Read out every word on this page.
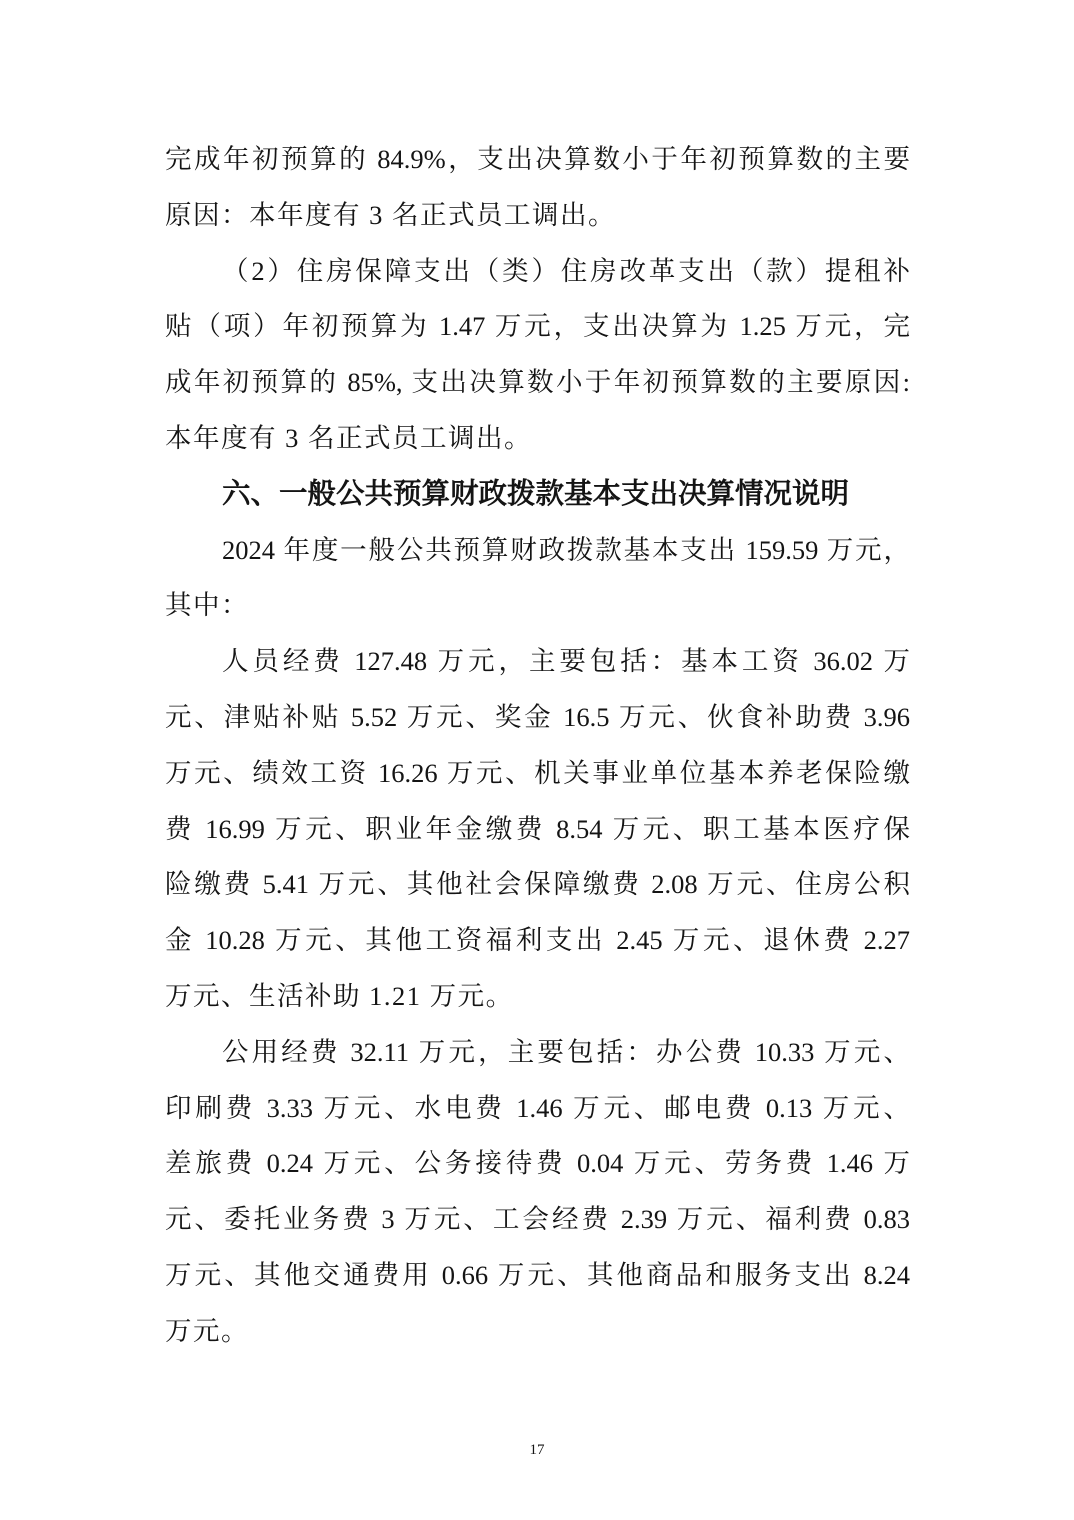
完成年初预算的 84.9%，支出决算数小于年初预算数的主要
原因：本年度有 3 名正式员工调出。
（2）住房保障支出（类）住房改革支出（款）提租补
贴（项）年初预算为 1.47 万元，支出决算为 1.25 万元，完
成年初预算的 85%, 支出决算数小于年初预算数的主要原因:
本年度有 3 名正式员工调出。
六、一般公共预算财政拨款基本支出决算情况说明
2024 年度一般公共预算财政拨款基本支出 159.59 万元，
其中：
人员经费 127.48 万元，主要包括：基本工资 36.02 万
元、津贴补贴 5.52 万元、奖金 16.5 万元、伙食补助费 3.96
万元、绩效工资 16.26 万元、机关事业单位基本养老保险缴
费 16.99 万元、职业年金缴费 8.54 万元、职工基本医疗保
险缴费 5.41 万元、其他社会保障缴费 2.08 万元、住房公积
金 10.28 万元、其他工资福利支出 2.45 万元、退休费 2.27
万元、生活补助 1.21 万元。
公用经费 32.11 万元，主要包括：办公费 10.33 万元、
印刷费 3.33 万元、水电费 1.46 万元、邮电费 0.13 万元、
差旅费 0.24 万元、公务接待费 0.04 万元、劳务费 1.46 万
元、委托业务费 3 万元、工会经费 2.39 万元、福利费 0.83
万元、其他交通费用 0.66 万元、其他商品和服务支出 8.24
万元。
17
